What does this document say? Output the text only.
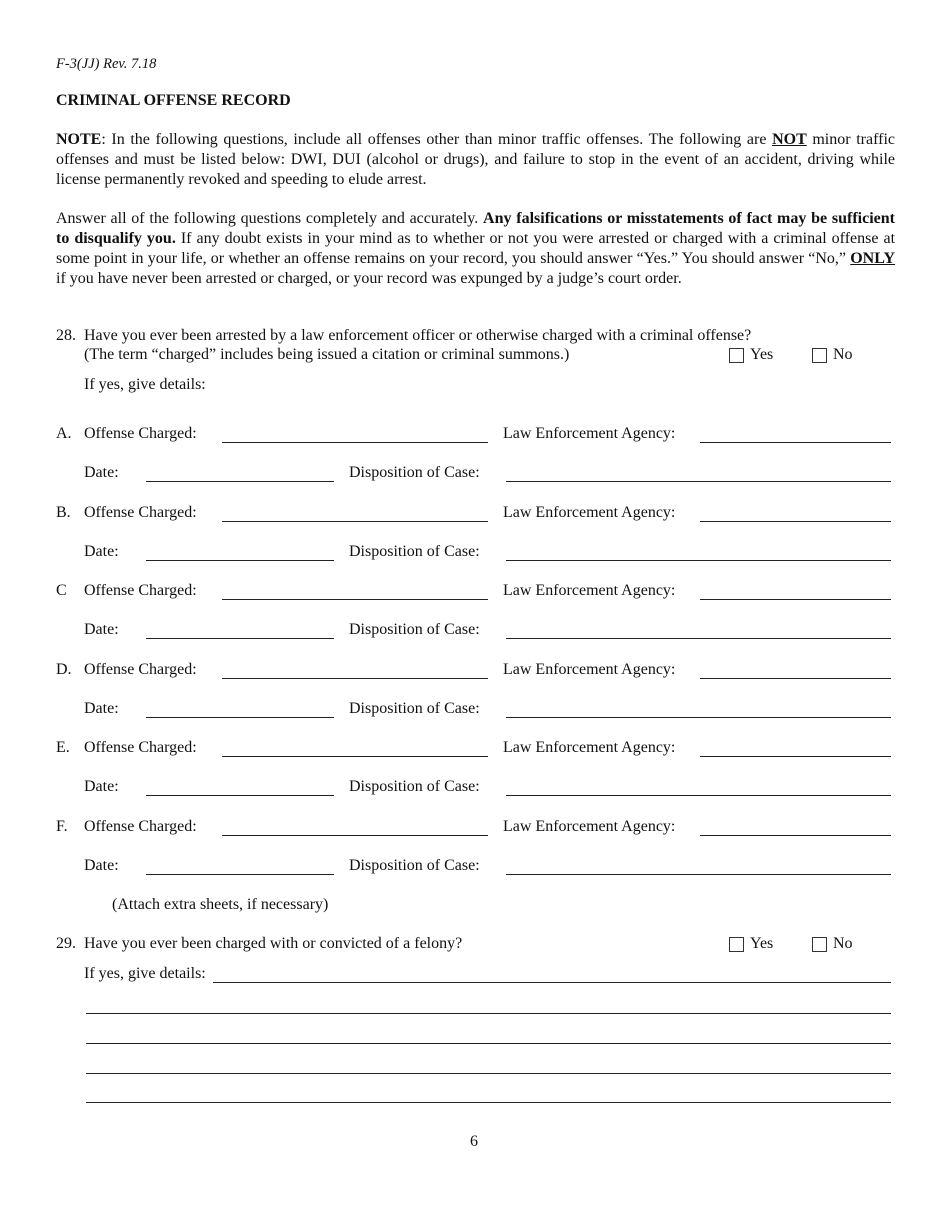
F-3(JJ) Rev. 7.18
CRIMINAL OFFENSE RECORD
NOTE: In the following questions, include all offenses other than minor traffic offenses. The following are NOT minor traffic offenses and must be listed below: DWI, DUI (alcohol or drugs), and failure to stop in the event of an accident, driving while license permanently revoked and speeding to elude arrest.
Answer all of the following questions completely and accurately. Any falsifications or misstatements of fact may be sufficient to disqualify you. If any doubt exists in your mind as to whether or not you were arrested or charged with a criminal offense at some point in your life, or whether an offense remains on your record, you should answer “Yes.” You should answer “No,” ONLY if you have never been arrested or charged, or your record was expunged by a judge’s court order.
28. Have you ever been arrested by a law enforcement officer or otherwise charged with a criminal offense?
(The term “charged” includes being issued a citation or criminal summons.)	Yes	No
If yes, give details:
A. Offense Charged:	Law Enforcement Agency:
Date:	Disposition of Case:
B. Offense Charged:	Law Enforcement Agency:
Date:	Disposition of Case:
C Offense Charged:	Law Enforcement Agency:
Date:	Disposition of Case:
D. Offense Charged:	Law Enforcement Agency:
Date:	Disposition of Case:
E. Offense Charged:	Law Enforcement Agency:
Date:	Disposition of Case:
F. Offense Charged:	Law Enforcement Agency:
Date:	Disposition of Case:
(Attach extra sheets, if necessary)
29. Have you ever been charged with or convicted of a felony?	Yes	No
If yes, give details:
6
